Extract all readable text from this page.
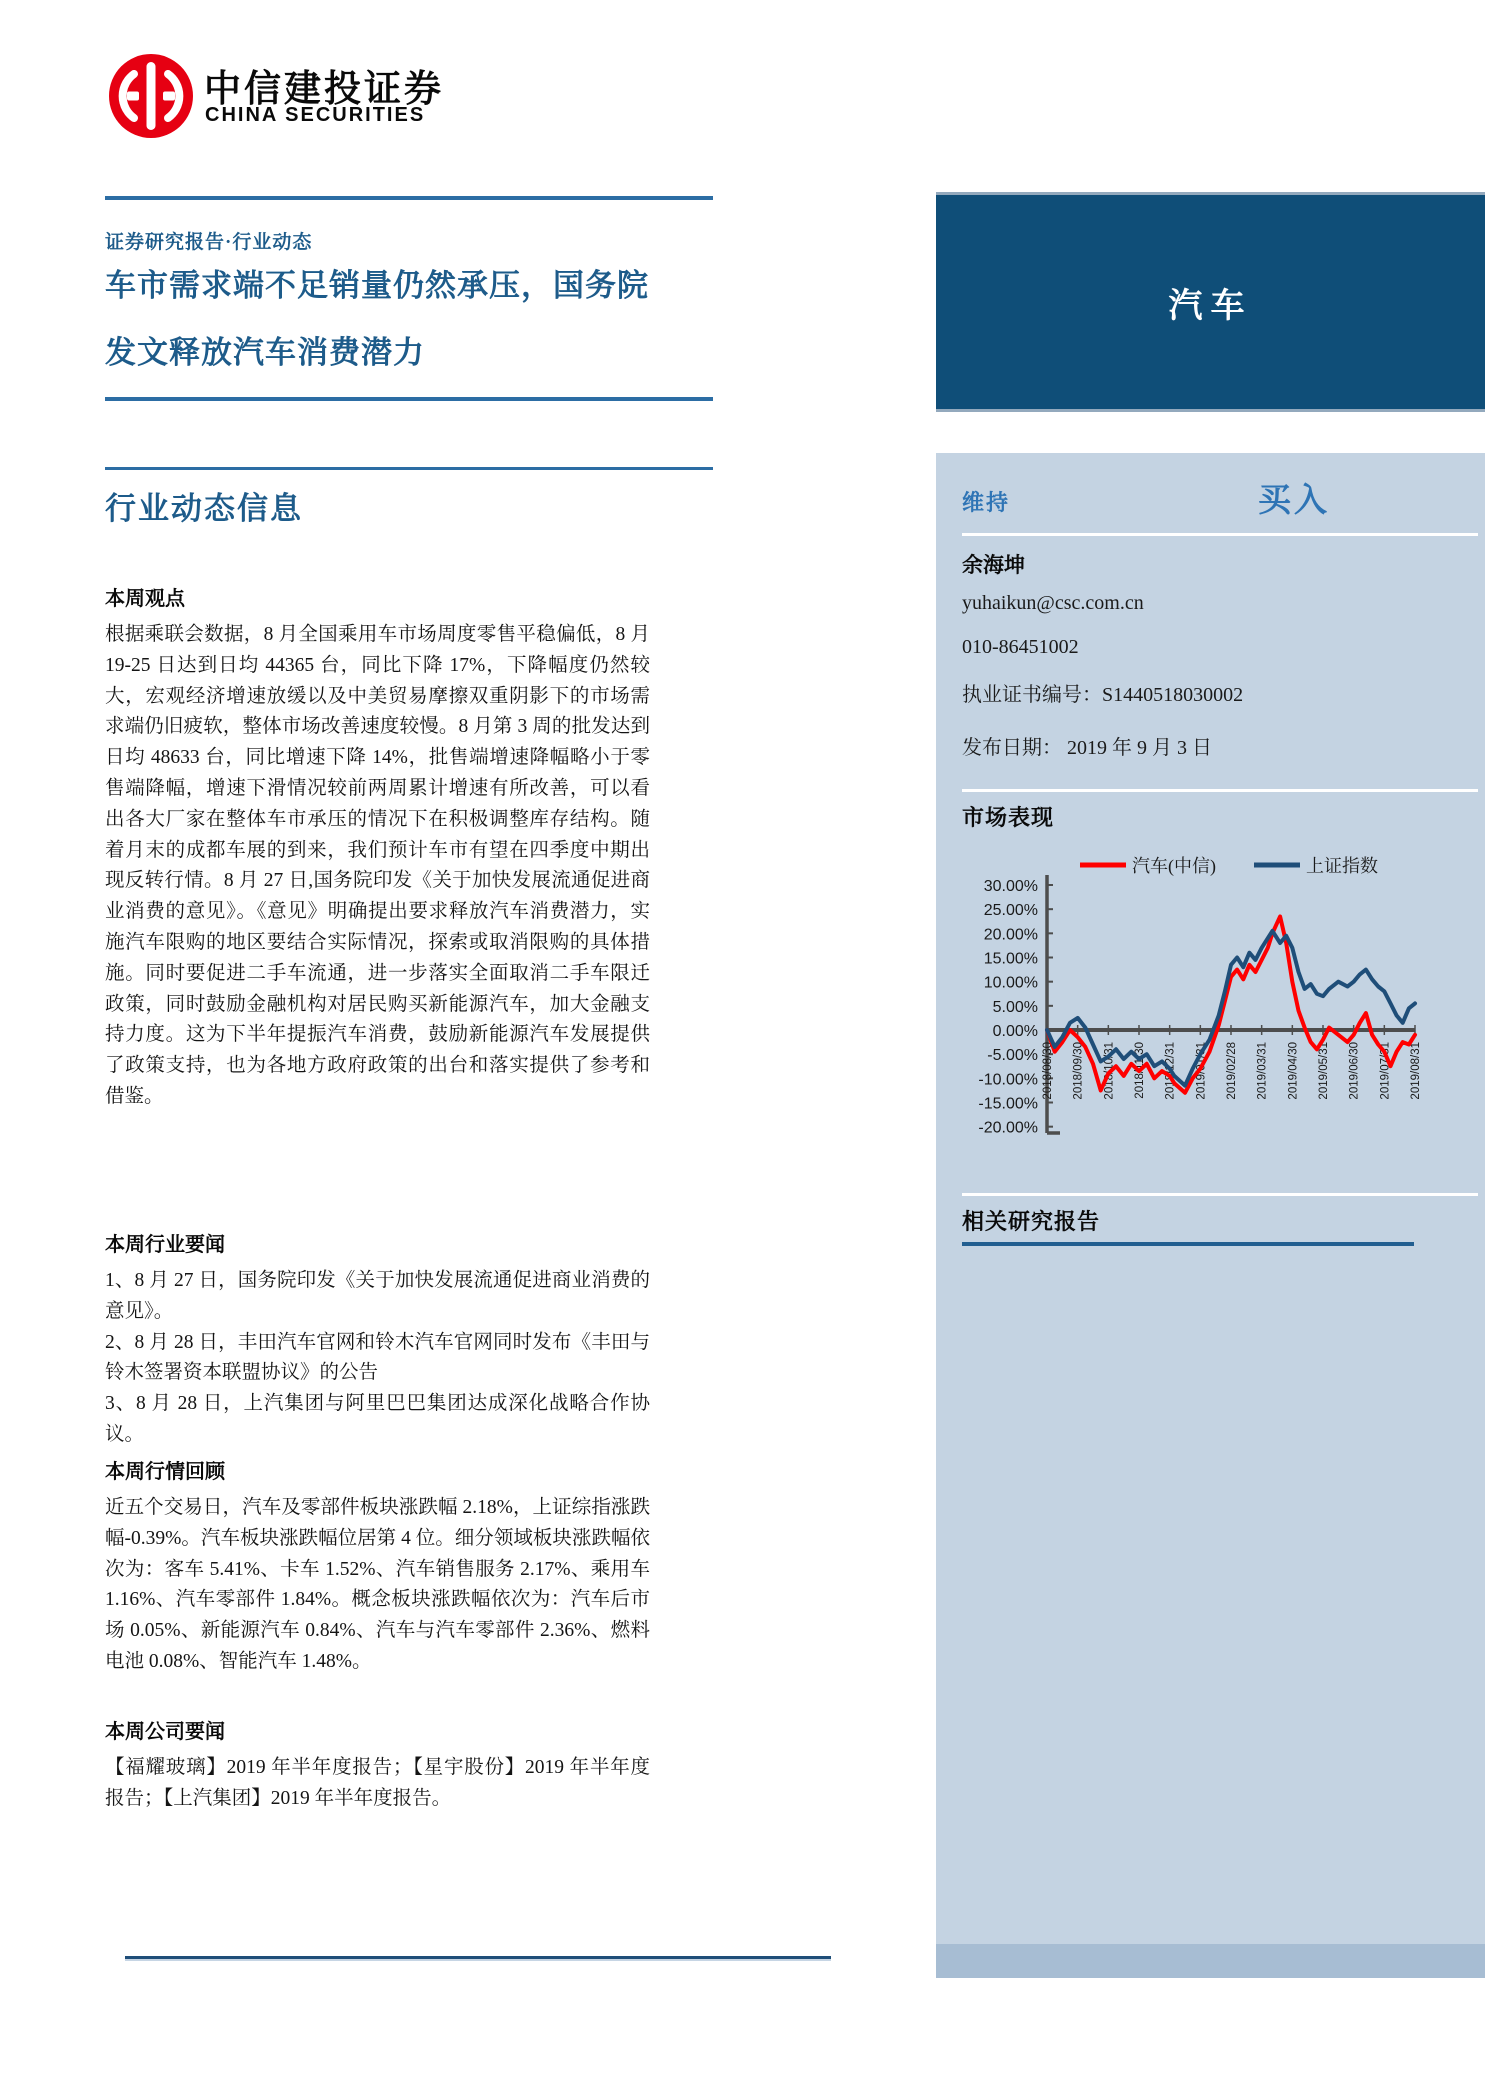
中信建投证券
CHINA SECURITIES
证券研究报告·行业动态
车市需求端不足销量仍然承压，国务院
发文释放汽车消费潜力
行业动态信息
本周观点

根据乘联会数据，8 月全国乘用车市场周度零售平稳偏低，8 月 19-25 日达到日均 44365 台，同比下降 17%，下降幅度仍然较大，宏观经济增速放缓以及中美贸易摩擦双重阴影下的市场需求端仍旧疲软，整体市场改善速度较慢。8 月第 3 周的批发达到日均 48633 台，同比增速下降 14%，批售端增速降幅略小于零售端降幅，增速下滑情况较前两周累计增速有所改善，可以看出各大厂家在整体车市承压的情况下在积极调整库存结构。随着月末的成都车展的到来，我们预计车市有望在四季度中期出现反转行情。8 月 27 日,国务院印发《关于加快发展流通促进商业消费的意见》。《意见》明确提出要求释放汽车消费潜力，实施汽车限购的地区要结合实际情况，探索或取消限购的具体措施。同时要促进二手车流通，进一步落实全面取消二手车限迁政策，同时鼓励金融机构对居民购买新能源汽车，加大金融支持力度。这为下半年提振汽车消费，鼓励新能源汽车发展提供了政策支持，也为各地方政府政策的出台和落实提供了参考和借鉴。

本周行业要闻

1、8 月 27 日，国务院印发《关于加快发展流通促进商业消费的意见》。

2、8 月 28 日，丰田汽车官网和铃木汽车官网同时发布《丰田与铃木签署资本联盟协议》的公告

3、8 月 28 日，上汽集团与阿里巴巴集团达成深化战略合作协议。

本周行情回顾

近五个交易日，汽车及零部件板块涨跌幅 2.18%，上证综指涨跌幅-0.39%。汽车板块涨跌幅位居第 4 位。细分领域板块涨跌幅依次为：客车 5.41%、卡车 1.52%、汽车销售服务 2.17%、乘用车 1.16%、汽车零部件 1.84%。概念板块涨跌幅依次为：汽车后市场 0.05%、新能源汽车 0.84%、汽车与汽车零部件 2.36%、燃料电池 0.08%、智能汽车 1.48%。

本周公司要闻

【福耀玻璃】2019 年半年度报告；【星宇股份】2019 年半年度报告；【上汽集团】2019 年半年度报告。

汽车
维持	买入
余海坤
yuhaikun@csc.com.cn
010-86451002
执业证书编号：S1440518030002
发布日期： 2019 年 9 月 3 日
市场表现
30.00%
25.00%
20.00%
15.00%
10.00%
5.00%
0.00%
-5.00%
-10.00%
-15.00%
-20.00%
2018/08/30 2018/09/30 2018/10/31 2018/11/30 2018/12/31 2019/01/31 2019/02/28 2019/03/31 2019/04/30 2019/05/31 2019/06/30 2019/07/31 2019/08/31
汽车(中信)	上证指数
相关研究报告
